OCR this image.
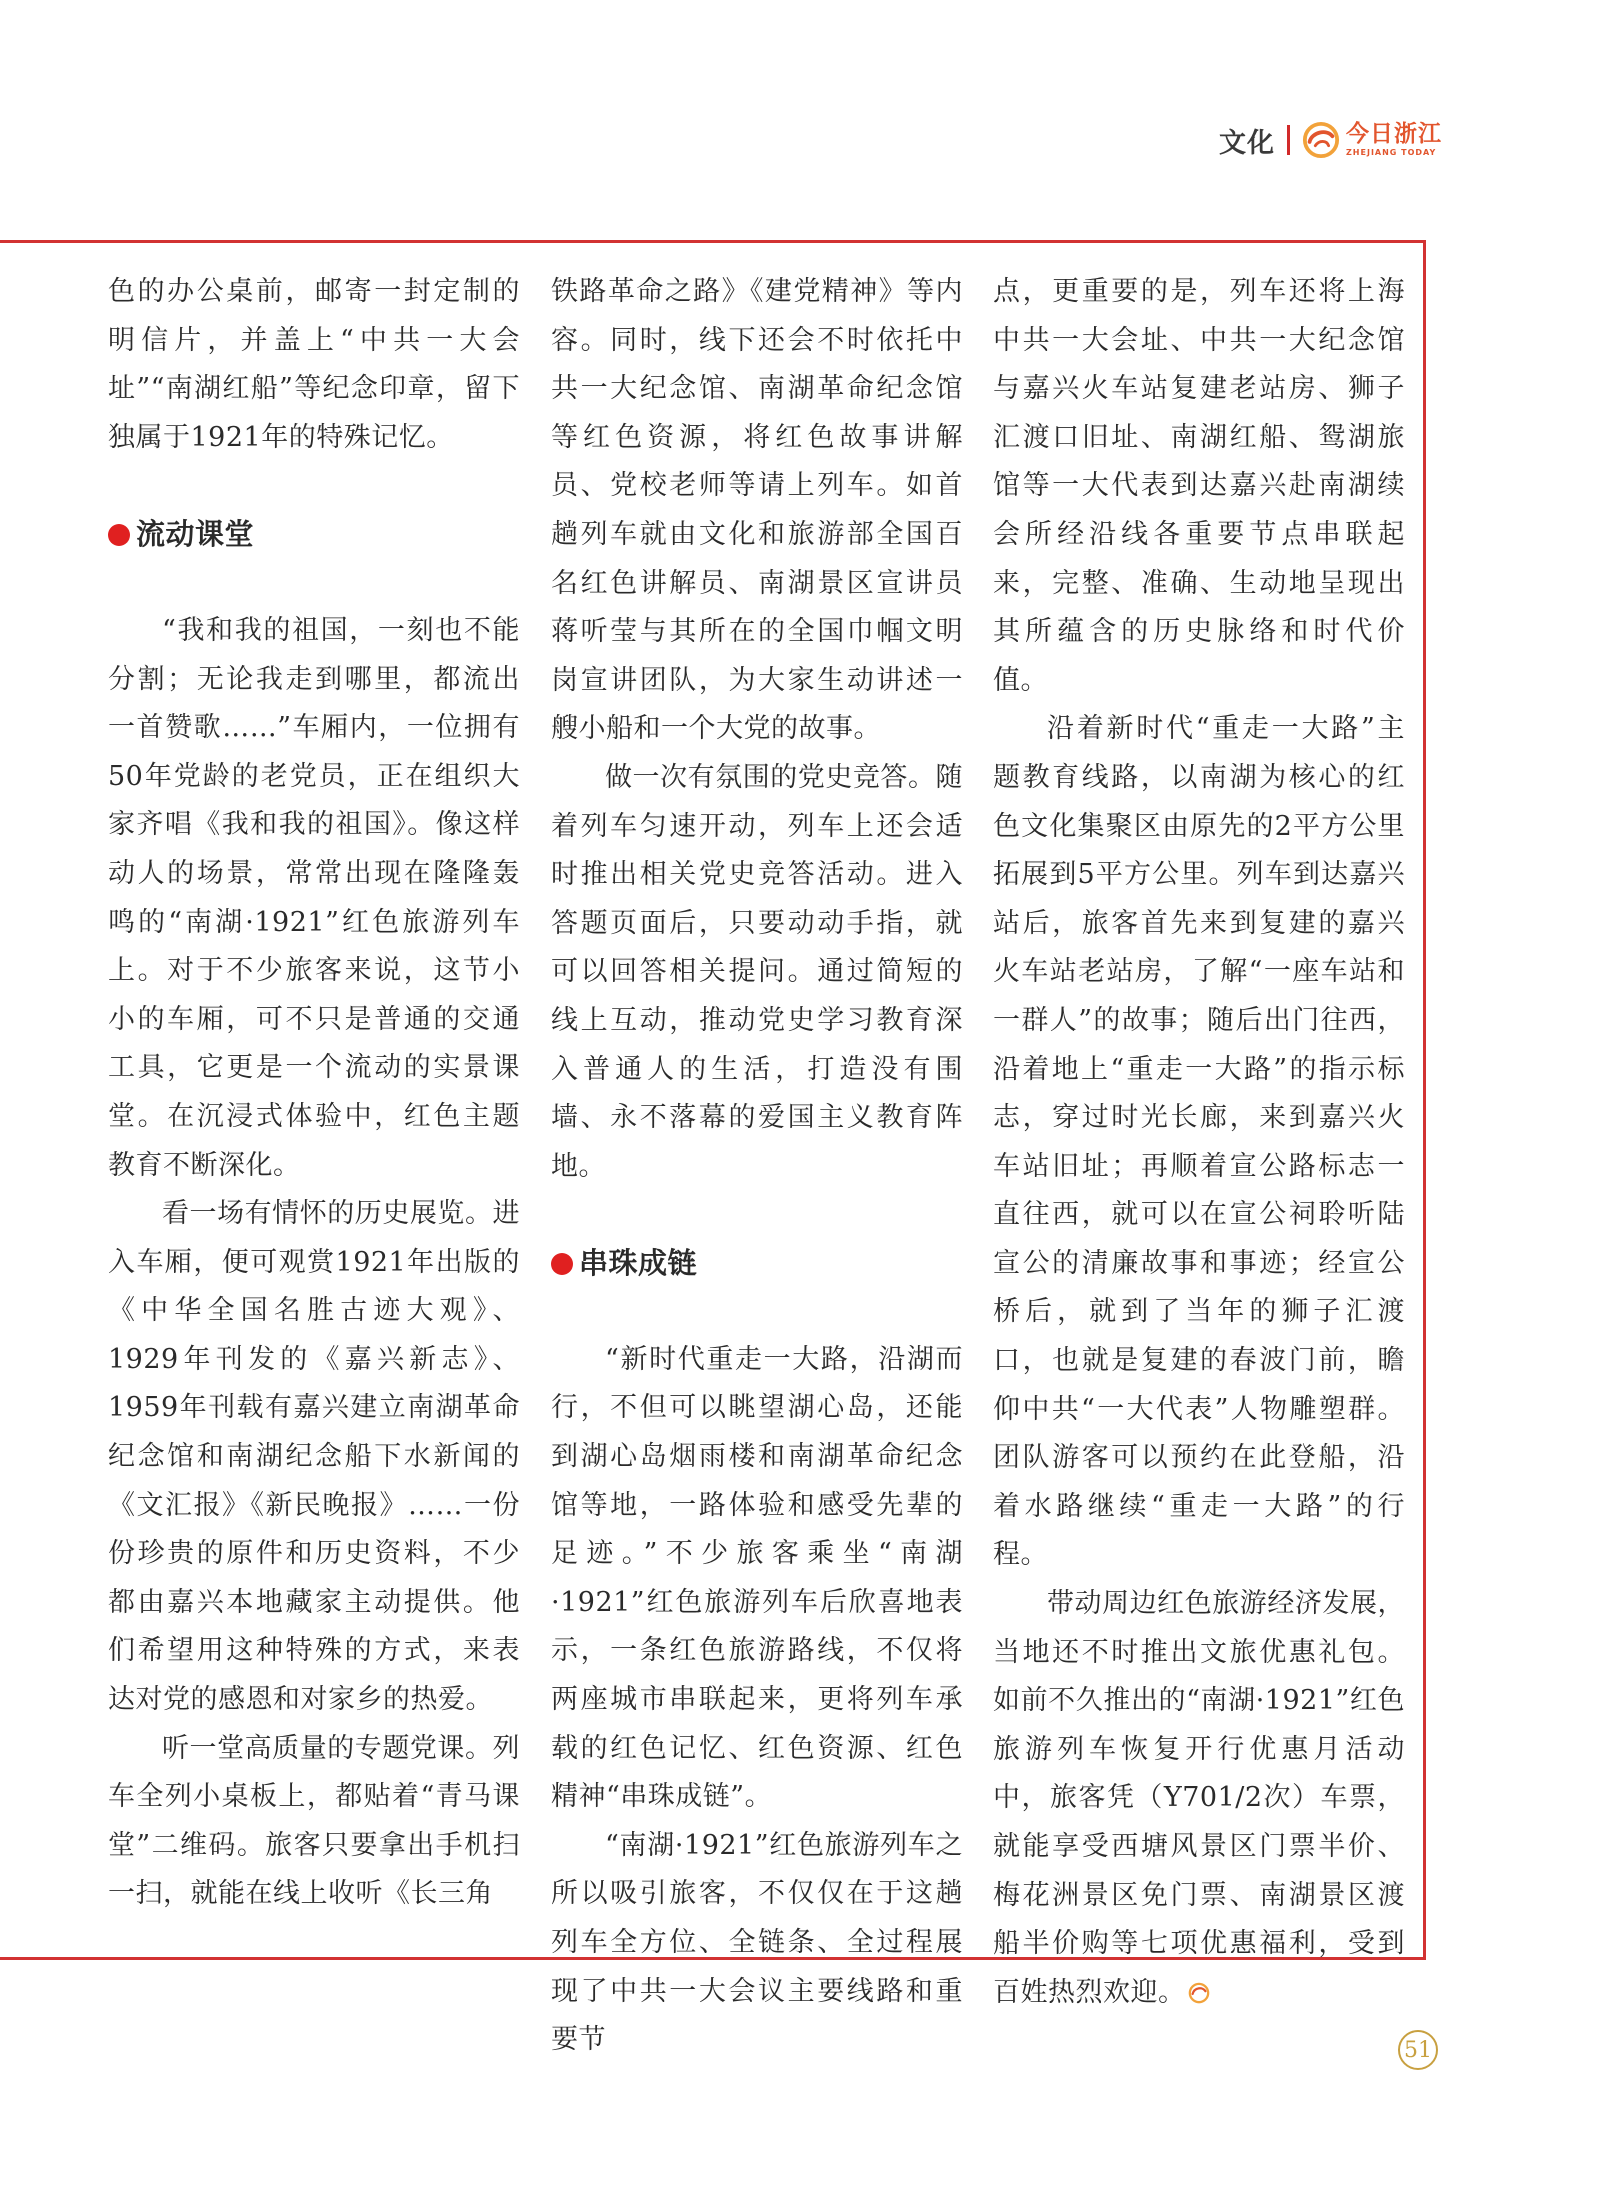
文化	今日浙江
ZHEJIANG TODAY

色的办公桌前，邮寄一封定制的明信片，并盖上“中共一大会址”“南湖红船”等纪念印章，留下独属于1921年的特殊记忆。

流动课堂

“我和我的祖国，一刻也不能分割；无论我走到哪里，都流出一首赞歌……”车厢内，一位拥有50年党龄的老党员，正在组织大家齐唱《我和我的祖国》。像这样动人的场景，常常出现在隆隆轰鸣的“南湖·1921”红色旅游列车上。对于不少旅客来说，这节小小的车厢，可不只是普通的交通工具，它更是一个流动的实景课堂。在沉浸式体验中，红色主题教育不断深化。

看一场有情怀的历史展览。进入车厢，便可观赏1921年出版的《中华全国名胜古迹大观》、1929年刊发的《嘉兴新志》、1959年刊载有嘉兴建立南湖革命纪念馆和南湖纪念船下水新闻的《文汇报》《新民晚报》……一份份珍贵的原件和历史资料，不少都由嘉兴本地藏家主动提供。他们希望用这种特殊的方式，来表达对党的感恩和对家乡的热爱。

听一堂高质量的专题党课。列车全列小桌板上，都贴着“青马课堂”二维码。旅客只要拿出手机扫一扫，就能在线上收听《长三角

铁路革命之路》《建党精神》等内容。同时，线下还会不时依托中共一大纪念馆、南湖革命纪念馆等红色资源，将红色故事讲解员、党校老师等请上列车。如首趟列车就由文化和旅游部全国百名红色讲解员、南湖景区宣讲员蒋听莹与其所在的全国巾帼文明岗宣讲团队，为大家生动讲述一艘小船和一个大党的故事。

做一次有氛围的党史竞答。随着列车匀速开动，列车上还会适时推出相关党史竞答活动。进入答题页面后，只要动动手指，就可以回答相关提问。通过简短的线上互动，推动党史学习教育深入普通人的生活，打造没有围墙、永不落幕的爱国主义教育阵地。

串珠成链

“新时代重走一大路，沿湖而行，不但可以眺望湖心岛，还能到湖心岛烟雨楼和南湖革命纪念馆等地，一路体验和感受先辈的足迹。”不少旅客乘坐“南湖·1921”红色旅游列车后欣喜地表示，一条红色旅游路线，不仅将两座城市串联起来，更将列车承载的红色记忆、红色资源、红色精神“串珠成链”。

“南湖·1921”红色旅游列车之所以吸引旅客，不仅仅在于这趟列车全方位、全链条、全过程展现了中共一大会议主要线路和重要节

点，更重要的是，列车还将上海中共一大会址、中共一大纪念馆与嘉兴火车站复建老站房、狮子汇渡口旧址、南湖红船、鸳湖旅馆等一大代表到达嘉兴赴南湖续会所经沿线各重要节点串联起来，完整、准确、生动地呈现出其所蕴含的历史脉络和时代价值。

沿着新时代“重走一大路”主题教育线路，以南湖为核心的红色文化集聚区由原先的2平方公里拓展到5平方公里。列车到达嘉兴站后，旅客首先来到复建的嘉兴火车站老站房，了解“一座车站和一群人”的故事；随后出门往西，沿着地上“重走一大路”的指示标志，穿过时光长廊，来到嘉兴火车站旧址；再顺着宣公路标志一直往西，就可以在宣公祠聆听陆宣公的清廉故事和事迹；经宣公桥后，就到了当年的狮子汇渡口，也就是复建的春波门前，瞻仰中共“一大代表”人物雕塑群。团队游客可以预约在此登船，沿着水路继续“重走一大路”的行程。

带动周边红色旅游经济发展，当地还不时推出文旅优惠礼包。如前不久推出的“南湖·1921”红色旅游列车恢复开行优惠月活动中，旅客凭（Y701/2次）车票，就能享受西塘风景区门票半价、梅花洲景区免门票、南湖景区渡船半价购等七项优惠福利，受到百姓热烈欢迎。

51
